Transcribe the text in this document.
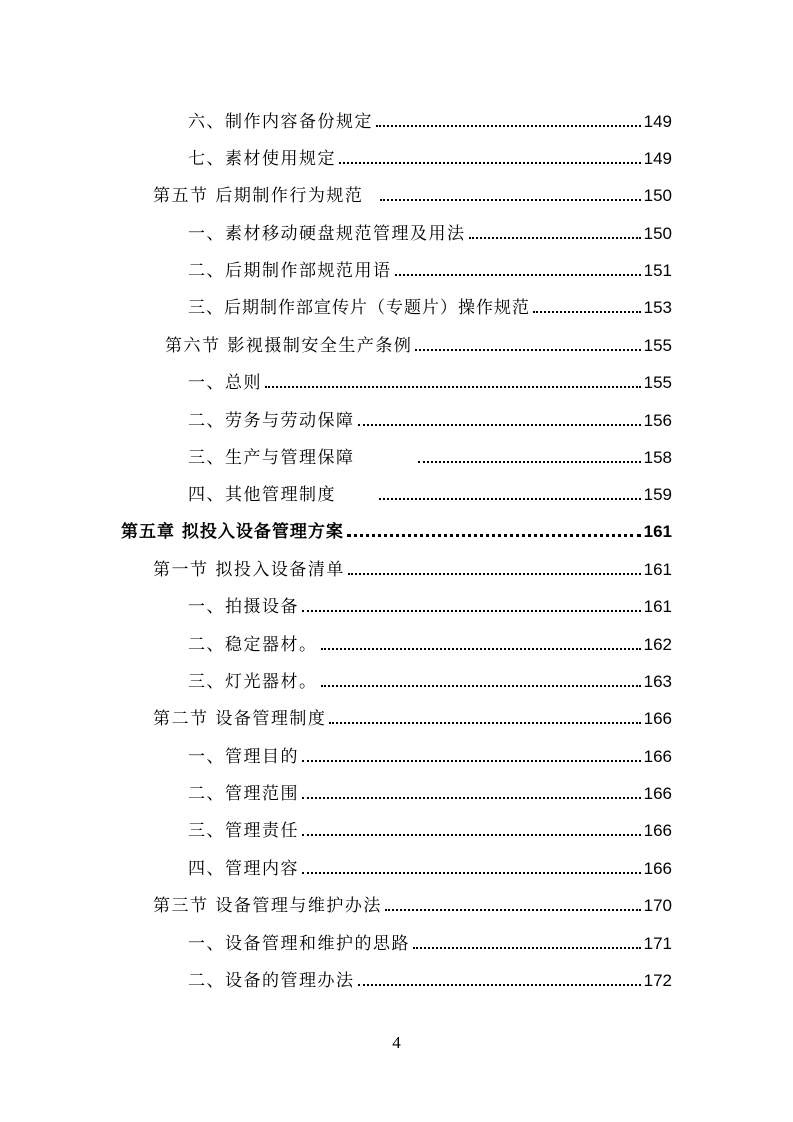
六、制作内容备份规定	149
七、素材使用规定	149
第五节 后期制作行为规范	150
一、素材移动硬盘规范管理及用法	150
二、后期制作部规范用语	151
三、后期制作部宣传片（专题片）操作规范	153
第六节 影视摄制安全生产条例	155
一、总则	155
二、劳务与劳动保障	156
三、生产与管理保障	158
四、其他管理制度	159
第五章 拟投入设备管理方案	161
第一节 拟投入设备清单	161
一、拍摄设备	161
二、稳定器材。	162
三、灯光器材。	163
第二节 设备管理制度	166
一、管理目的	166
二、管理范围	166
三、管理责任	166
四、管理内容	166
第三节 设备管理与维护办法	170
一、设备管理和维护的思路	171
二、设备的管理办法	172
4
